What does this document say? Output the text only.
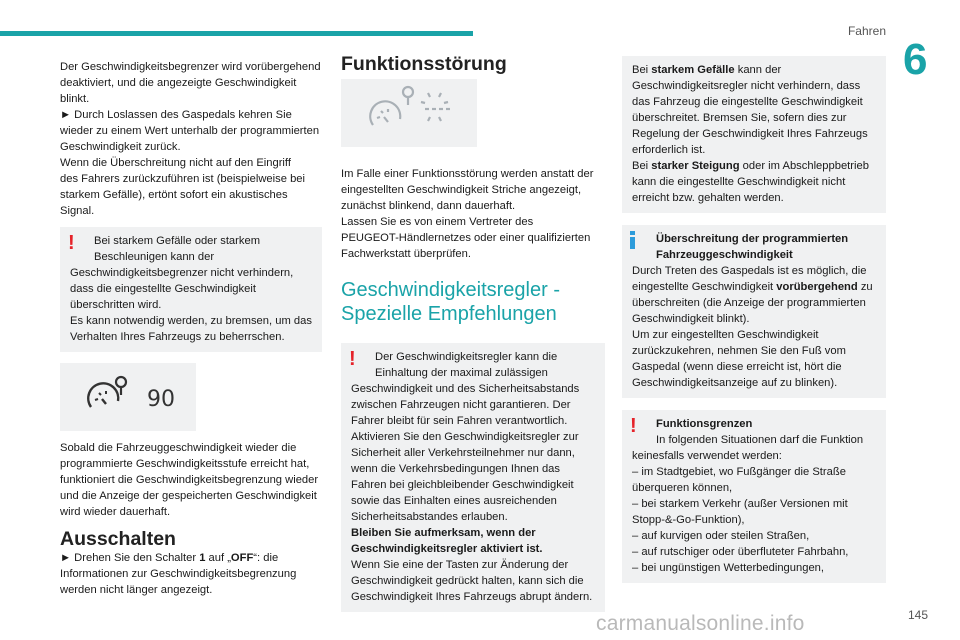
Fahren
6

Der Geschwindigkeitsbegrenzer wird vorübergehend

deaktiviert, und die angezeigte Geschwindigkeit

blinkt.

► Durch Loslassen des Gaspedals kehren Sie

wieder zu einem Wert unterhalb der programmierten

Geschwindigkeit zurück.

Wenn die Überschreitung nicht auf den Eingriff

des Fahrers zurückzuführen ist (beispielweise bei

starkem Gefälle), ertönt sofort ein akustisches

Signal.

!	Bei starkem Gefälle oder starkem

Beschleunigen kann der

Geschwindigkeitsbegrenzer nicht verhindern,

dass die eingestellte Geschwindigkeit

überschritten wird.

Es kann notwendig werden, zu bremsen, um das

Verhalten Ihres Fahrzeugs zu beherrschen.

90

Sobald die Fahrzeuggeschwindigkeit wieder die

programmierte Geschwindigkeitsstufe erreicht hat,

funktioniert die Geschwindigkeitsbegrenzung wieder

und die Anzeige der gespeicherten Geschwindigkeit

wird wieder dauerhaft.

Ausschalten

► Drehen Sie den Schalter 1 auf „OFF“: die

Informationen zur Geschwindigkeitsbegrenzung

werden nicht länger angezeigt.

Funktionsstörung

Im Falle einer Funktionsstörung werden anstatt der

eingestellten Geschwindigkeit Striche angezeigt,

zunächst blinkend, dann dauerhaft.

Lassen Sie es von einem Vertreter des

PEUGEOT-Händlernetzes oder einer qualifizierten

Fachwerkstatt überprüfen.

Geschwindigkeitsregler -

Spezielle Empfehlungen

!	Der Geschwindigkeitsregler kann die

Einhaltung der maximal zulässigen

Geschwindigkeit und des Sicherheitsabstands

zwischen Fahrzeugen nicht garantieren. Der

Fahrer bleibt für sein Fahren verantwortlich.

Aktivieren Sie den Geschwindigkeitsregler zur

Sicherheit aller Verkehrsteilnehmer nur dann,

wenn die Verkehrsbedingungen Ihnen das

Fahren bei gleichbleibender Geschwindigkeit

sowie das Einhalten eines ausreichenden

Sicherheitsabstandes erlauben.

Bleiben Sie aufmerksam, wenn der

Geschwindigkeitsregler aktiviert ist.

Wenn Sie eine der Tasten zur Änderung der

Geschwindigkeit gedrückt halten, kann sich die

Geschwindigkeit Ihres Fahrzeugs abrupt ändern.

Bei starkem Gefälle kann der

Geschwindigkeitsregler nicht verhindern, dass

das Fahrzeug die eingestellte Geschwindigkeit

überschreitet. Bremsen Sie, sofern dies zur

Regelung der Geschwindigkeit Ihres Fahrzeugs

erforderlich ist.

Bei starker Steigung oder im Abschleppbetrieb

kann die eingestellte Geschwindigkeit nicht

erreicht bzw. gehalten werden.

Überschreitung der programmierten

Fahrzeuggeschwindigkeit

Durch Treten des Gaspedals ist es möglich, die

eingestellte Geschwindigkeit vorübergehend zu

überschreiten (die Anzeige der programmierten

Geschwindigkeit blinkt).

Um zur eingestellten Geschwindigkeit

zurückzukehren, nehmen Sie den Fuß vom

Gaspedal (wenn diese erreicht ist, hört die

Geschwindigkeitsanzeige auf zu blinken).

!	Funktionsgrenzen

In folgenden Situationen darf die Funktion

keinesfalls verwendet werden:

– im Stadtgebiet, wo Fußgänger die Straße

überqueren können,

– bei starkem Verkehr (außer Versionen mit

Stopp-&-Go-Funktion),

– auf kurvigen oder steilen Straßen,

– auf rutschiger oder überfluteter Fahrbahn,

– bei ungünstigen Wetterbedingungen,

145
carmanualsonline.info
